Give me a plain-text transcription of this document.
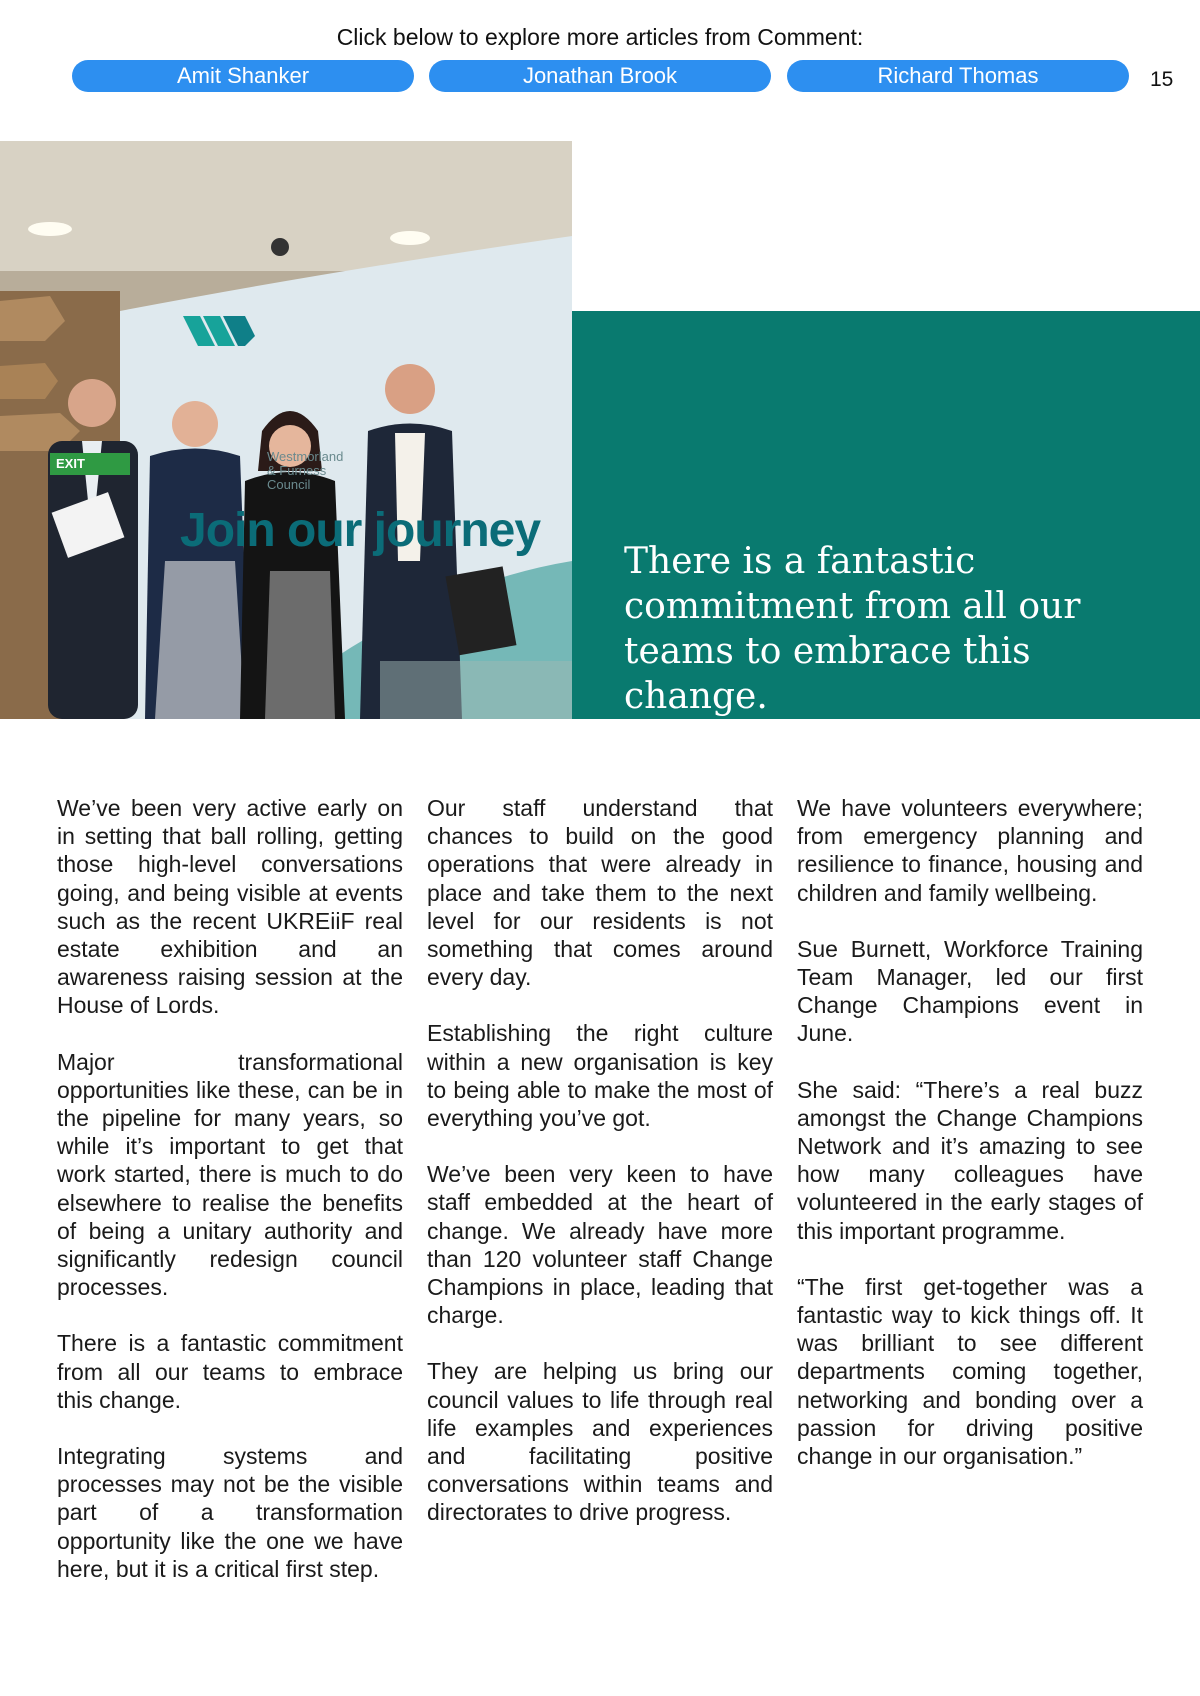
Click below to explore more articles from Comment:
Amit Shanker	Jonathan Brook	Richard Thomas	15
EXIT	Westmorland & Furness Council
Join our journey
There is a fantastic commitment from all our teams to embrace this change.

We’ve been very active early on in setting that ball rolling, getting those high-level conversations going, and being visible at events such as the recent UKREiiF real estate exhibition and an awareness raising session at the House of Lords.

Major transformational opportunities like these, can be in the pipeline for many years, so while it’s important to get that work started, there is much to do elsewhere to realise the benefits of being a unitary authority and significantly redesign council processes.

There is a fantastic commitment from all our teams to embrace this change.

Integrating systems and processes may not be the visible part of a transformation opportunity like the one we have here, but it is a critical first step.

Our staff understand that chances to build on the good operations that were already in place and take them to the next level for our residents is not something that comes around every day.

Establishing the right culture within a new organisation is key to being able to make the most of everything you’ve got.

We’ve been very keen to have staff embedded at the heart of change. We already have more than 120 volunteer staff Change Champions in place, leading that charge.

They are helping us bring our council values to life through real life examples and experiences and facilitating positive conversations within teams and directorates to drive progress.

We have volunteers everywhere; from emergency planning and resilience to finance, housing and children and family wellbeing.

Sue Burnett, Workforce Training Team Manager, led our first Change Champions event in June.

She said: “There’s a real buzz amongst the Change Champions Network and it’s amazing to see how many colleagues have volunteered in the early stages of this important programme.

“The first get-together was a fantastic way to kick things off. It was brilliant to see different departments coming together, networking and bonding over a passion for driving positive change in our organisation.”
